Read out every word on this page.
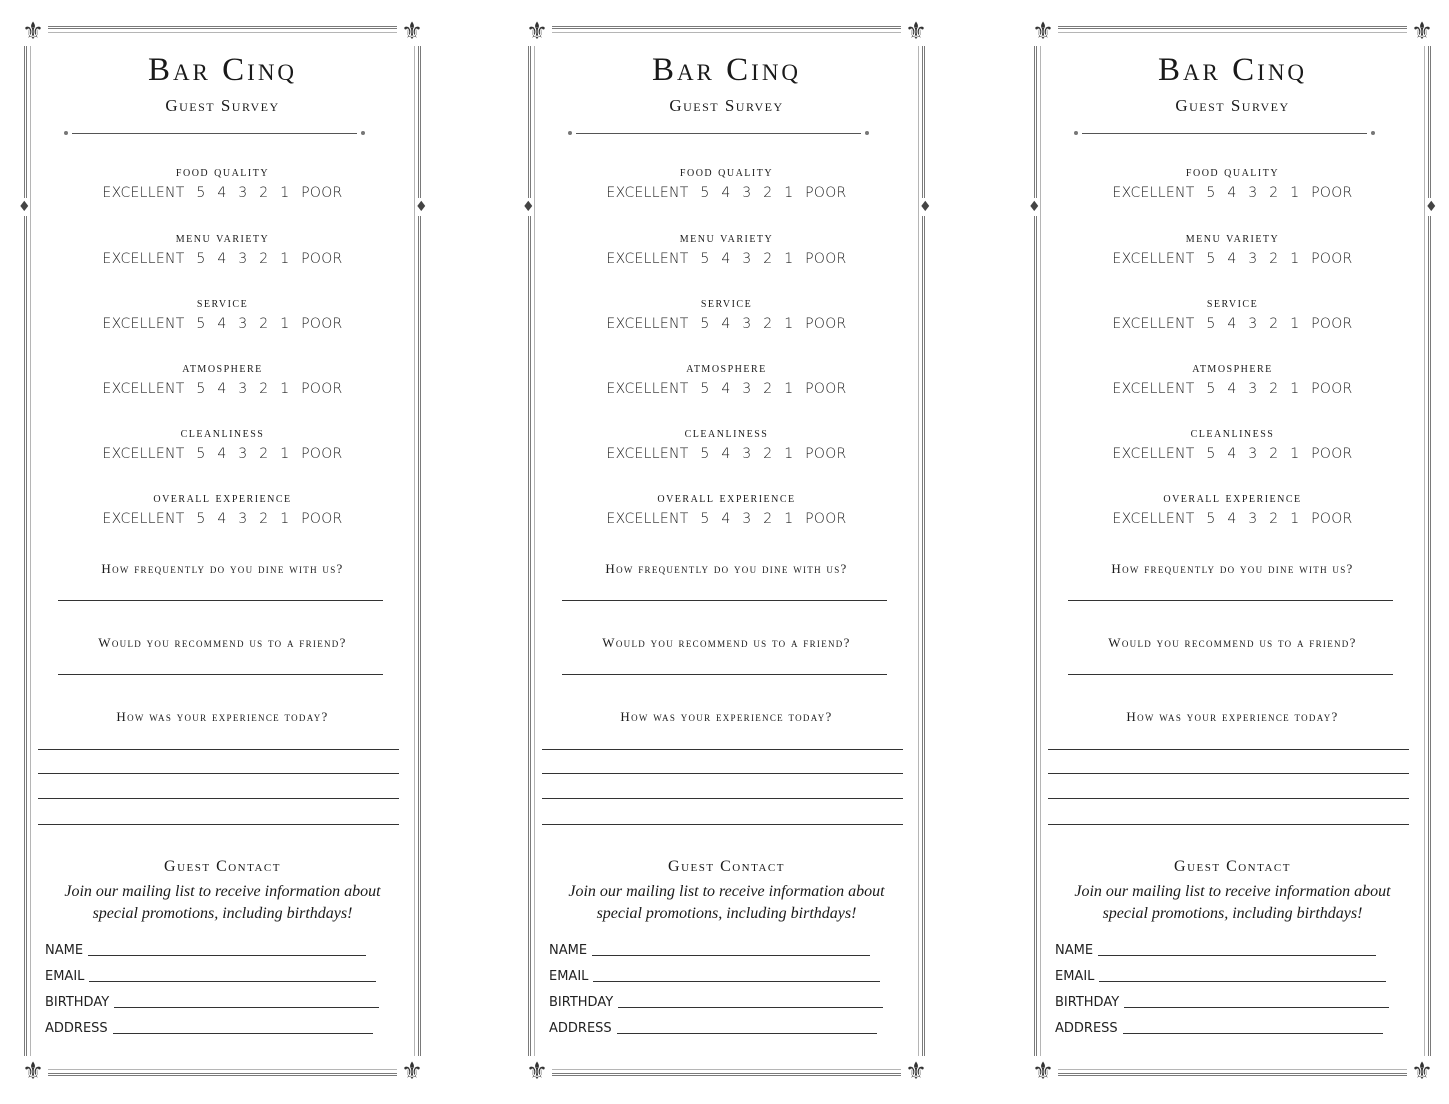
⚜	⚜
⚜	⚜
♦	♦
Bar Cinq
Guest Survey
food quality
EXCELLENT 5 4 3 2 1 POOR
menu variety
EXCELLENT 5 4 3 2 1 POOR
service
EXCELLENT 5 4 3 2 1 POOR
atmosphere
EXCELLENT 5 4 3 2 1 POOR
cleanliness
EXCELLENT 5 4 3 2 1 POOR
overall experience
EXCELLENT 5 4 3 2 1 POOR
How frequently do you dine with us?
Would you recommend us to a friend?
How was your experience today?
Guest Contact
Join our mailing list to receive information about special promotions, including birthdays!
NAME
EMAIL
BIRTHDAY
ADDRESS
⚜	⚜
⚜	⚜
♦	♦
Bar Cinq
Guest Survey
food quality
EXCELLENT 5 4 3 2 1 POOR
menu variety
EXCELLENT 5 4 3 2 1 POOR
service
EXCELLENT 5 4 3 2 1 POOR
atmosphere
EXCELLENT 5 4 3 2 1 POOR
cleanliness
EXCELLENT 5 4 3 2 1 POOR
overall experience
EXCELLENT 5 4 3 2 1 POOR
How frequently do you dine with us?
Would you recommend us to a friend?
How was your experience today?
Guest Contact
Join our mailing list to receive information about special promotions, including birthdays!
NAME
EMAIL
BIRTHDAY
ADDRESS
⚜	⚜
⚜	⚜
♦	♦
Bar Cinq
Guest Survey
food quality
EXCELLENT 5 4 3 2 1 POOR
menu variety
EXCELLENT 5 4 3 2 1 POOR
service
EXCELLENT 5 4 3 2 1 POOR
atmosphere
EXCELLENT 5 4 3 2 1 POOR
cleanliness
EXCELLENT 5 4 3 2 1 POOR
overall experience
EXCELLENT 5 4 3 2 1 POOR
How frequently do you dine with us?
Would you recommend us to a friend?
How was your experience today?
Guest Contact
Join our mailing list to receive information about special promotions, including birthdays!
NAME
EMAIL
BIRTHDAY
ADDRESS
